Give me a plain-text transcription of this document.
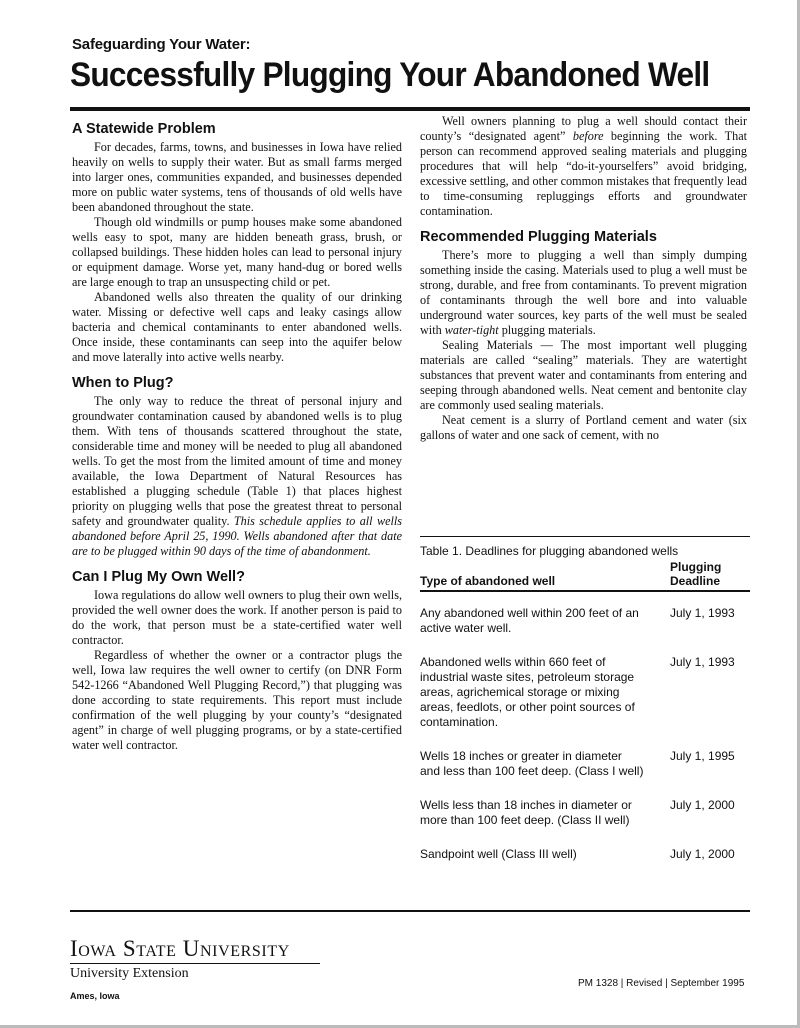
Safeguarding Your Water:
Successfully Plugging Your Abandoned Well
A Statewide Problem

For decades, farms, towns, and businesses in Iowa have relied heavily on wells to supply their water. But as small farms merged into larger ones, communities expanded, and businesses depended more on public water systems, tens of thousands of old wells have been abandoned throughout the state.

Though old windmills or pump houses make some abandoned wells easy to spot, many are hidden beneath grass, brush, or collapsed buildings. These hidden holes can lead to personal injury or equipment damage. Worse yet, many hand-dug or bored wells are large enough to trap an unsuspecting child or pet.

Abandoned wells also threaten the quality of our drinking water. Missing or defective well caps and leaky casings allow bacteria and chemical contaminants to enter abandoned wells. Once inside, these contaminants can seep into the aquifer below and move laterally into active wells nearby.

When to Plug?

The only way to reduce the threat of personal injury and groundwater contamination caused by abandoned wells is to plug them. With tens of thousands scattered throughout the state, considerable time and money will be needed to plug all abandoned wells. To get the most from the limited amount of time and money available, the Iowa Department of Natural Resources has established a plugging schedule (Table 1) that places highest priority on plugging wells that pose the greatest threat to personal safety and groundwater quality. This schedule applies to all wells abandoned before April 25, 1990. Wells abandoned after that date are to be plugged within 90 days of the time of abandonment.

Can I Plug My Own Well?

Iowa regulations do allow well owners to plug their own wells, provided the well owner does the work. If another person is paid to do the work, that person must be a state-certified water well contractor.

Regardless of whether the owner or a contractor plugs the well, Iowa law requires the well owner to certify (on DNR Form 542-1266 “Abandoned Well Plugging Record,”) that plugging was done according to state requirements. This report must include confirmation of the well plugging by your county’s “designated agent” in charge of well plugging programs, or by a state-certified water well contractor.

Well owners planning to plug a well should contact their county’s “designated agent” before beginning the work. That person can recommend approved sealing materials and plugging procedures that will help “do-it-yourselfers” avoid bridging, excessive settling, and other common mistakes that frequently lead to time-consuming repluggings efforts and groundwater contamination.

Recommended Plugging Materials

There’s more to plugging a well than simply dumping something inside the casing. Materials used to plug a well must be strong, durable, and free from contaminants. To prevent migration of contaminants through the well bore and into valuable underground water sources, key parts of the well must be sealed with water-tight plugging materials.

Sealing Materials — The most important well plugging materials are called “sealing” materials. They are watertight substances that prevent water and contaminants from entering and seeping through abandoned wells. Neat cement and bentonite clay are commonly used sealing materials.

Neat cement is a slurry of Portland cement and water (six gallons of water and one sack of cement, with no

Table 1. Deadlines for plugging abandoned wells
Type of abandoned well
Plugging Deadline
Any abandoned well within 200 feet of an active water well.
July 1, 1993
Abandoned wells within 660 feet of industrial waste sites, petroleum storage areas, agrichemical storage or mixing areas, feedlots, or other point sources of contamination.
July 1, 1993
Wells 18 inches or greater in diameter and less than 100 feet deep. (Class I well)
July 1, 1995
Wells less than 18 inches in diameter or more than 100 feet deep. (Class II well)
July 1, 2000
Sandpoint well (Class III well)	July 1, 2000
Iowa State University
University Extension
Ames, Iowa
PM 1328 | Revised | September 1995
